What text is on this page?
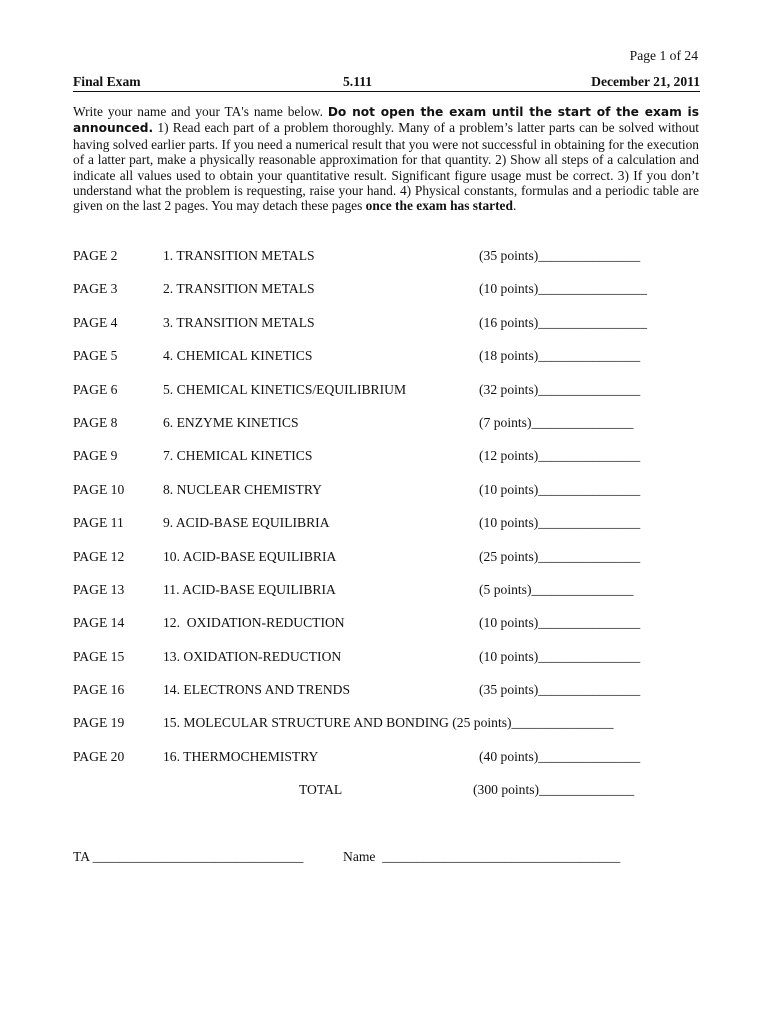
Page 1 of 24
Final Exam	5.111	December 21, 2011
Write your name and your TA's name below. Do not open the exam until the start of the exam is announced. 1) Read each part of a problem thoroughly. Many of a problem’s latter parts can be solved without having solved earlier parts. If you need a numerical result that you were not successful in obtaining for the execution of a latter part, make a physically reasonable approximation for that quantity. 2) Show all steps of a calculation and indicate all values used to obtain your quantitative result. Significant figure usage must be correct. 3) If you don’t understand what the problem is requesting, raise your hand. 4) Physical constants, formulas and a periodic table are given on the last 2 pages. You may detach these pages once the exam has started.
PAGE 2	1. TRANSITION METALS	(35 points)_______________
PAGE 3	2. TRANSITION METALS	(10 points)________________
PAGE 4	3. TRANSITION METALS	(16 points)________________
PAGE 5	4. CHEMICAL KINETICS	(18 points)_______________
PAGE 6	5. CHEMICAL KINETICS/EQUILIBRIUM	(32 points)_______________
PAGE 8	6. ENZYME KINETICS	(7 points)_______________
PAGE 9	7. CHEMICAL KINETICS	(12 points)_______________
PAGE 10	8. NUCLEAR CHEMISTRY	(10 points)_______________
PAGE 11	9. ACID-BASE EQUILIBRIA	(10 points)_______________
PAGE 12	10. ACID-BASE EQUILIBRIA	(25 points)_______________
PAGE 13	11. ACID-BASE EQUILIBRIA	(5 points)_______________
PAGE 14	12.  OXIDATION-REDUCTION	(10 points)_______________
PAGE 15	13. OXIDATION-REDUCTION	(10 points)_______________
PAGE 16	14. ELECTRONS AND TRENDS	(35 points)_______________
PAGE 19	15. MOLECULAR STRUCTURE AND BONDING (25 points)_______________
PAGE 20	16. THERMOCHEMISTRY	(40 points)_______________
TOTAL	(300 points)______________
TA _______________________________	Name  ___________________________________
